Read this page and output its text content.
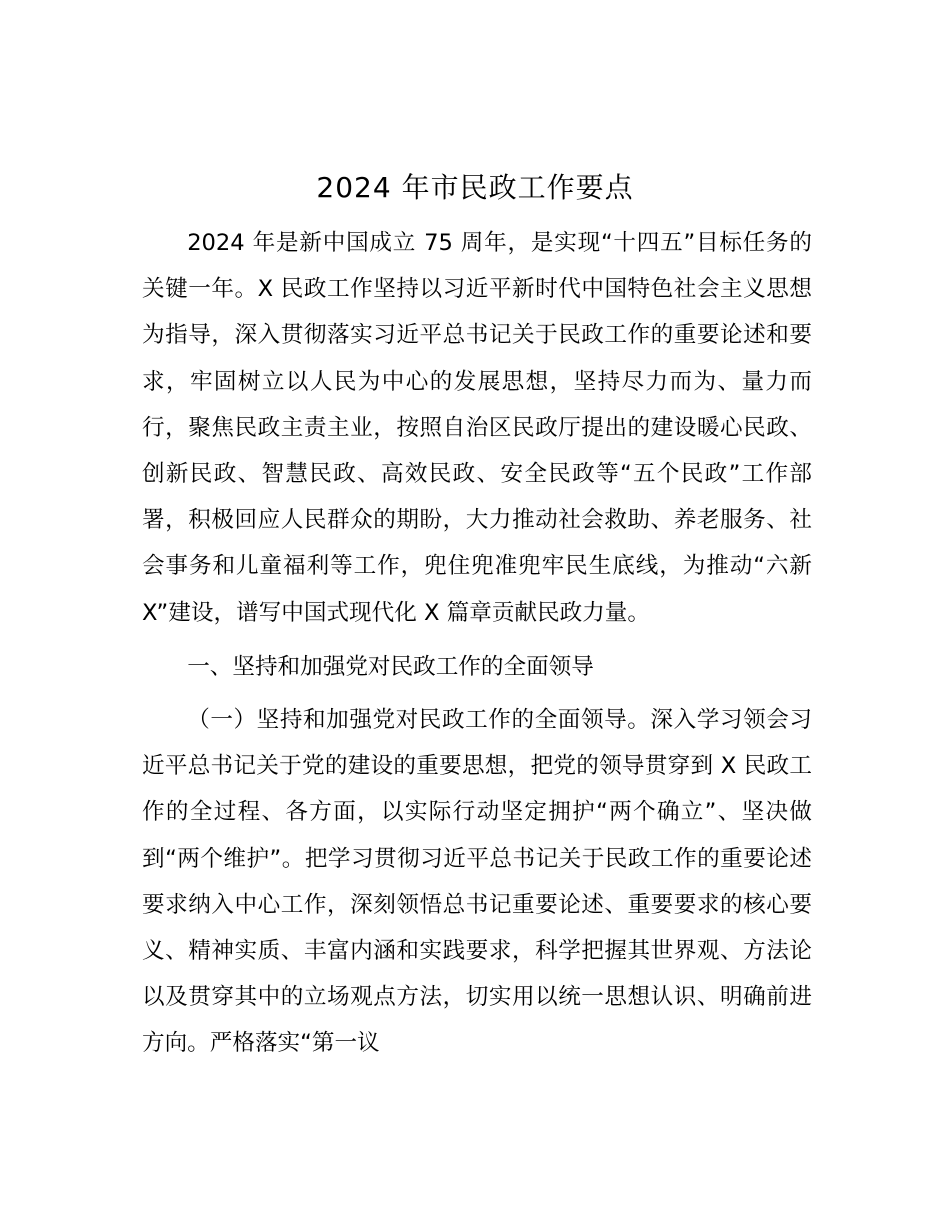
2024 年市民政工作要点

2024 年是新中国成立 75 周年，是实现“十四五”目标任务的关键一年。X 民政工作坚持以习近平新时代中国特色社会主义思想为指导，深入贯彻落实习近平总书记关于民政工作的重要论述和要求，牢固树立以人民为中心的发展思想，坚持尽力而为、量力而行，聚焦民政主责主业，按照自治区民政厅提出的建设暖心民政、创新民政、智慧民政、高效民政、安全民政等“五个民政”工作部署，积极回应人民群众的期盼，大力推动社会救助、养老服务、社会事务和儿童福利等工作，兜住兜准兜牢民生底线，为推动“六新 X”建设，谱写中国式现代化 X 篇章贡献民政力量。

一、坚持和加强党对民政工作的全面领导

（一）坚持和加强党对民政工作的全面领导。深入学习领会习近平总书记关于党的建设的重要思想，把党的领导贯穿到 X 民政工作的全过程、各方面，以实际行动坚定拥护“两个确立”、坚决做到“两个维护”。把学习贯彻习近平总书记关于民政工作的重要论述要求纳入中心工作，深刻领悟总书记重要论述、重要要求的核心要义、精神实质、丰富内涵和实践要求，科学把握其世界观、方法论以及贯穿其中的立场观点方法，切实用以统一思想认识、明确前进方向。严格落实“第一议
